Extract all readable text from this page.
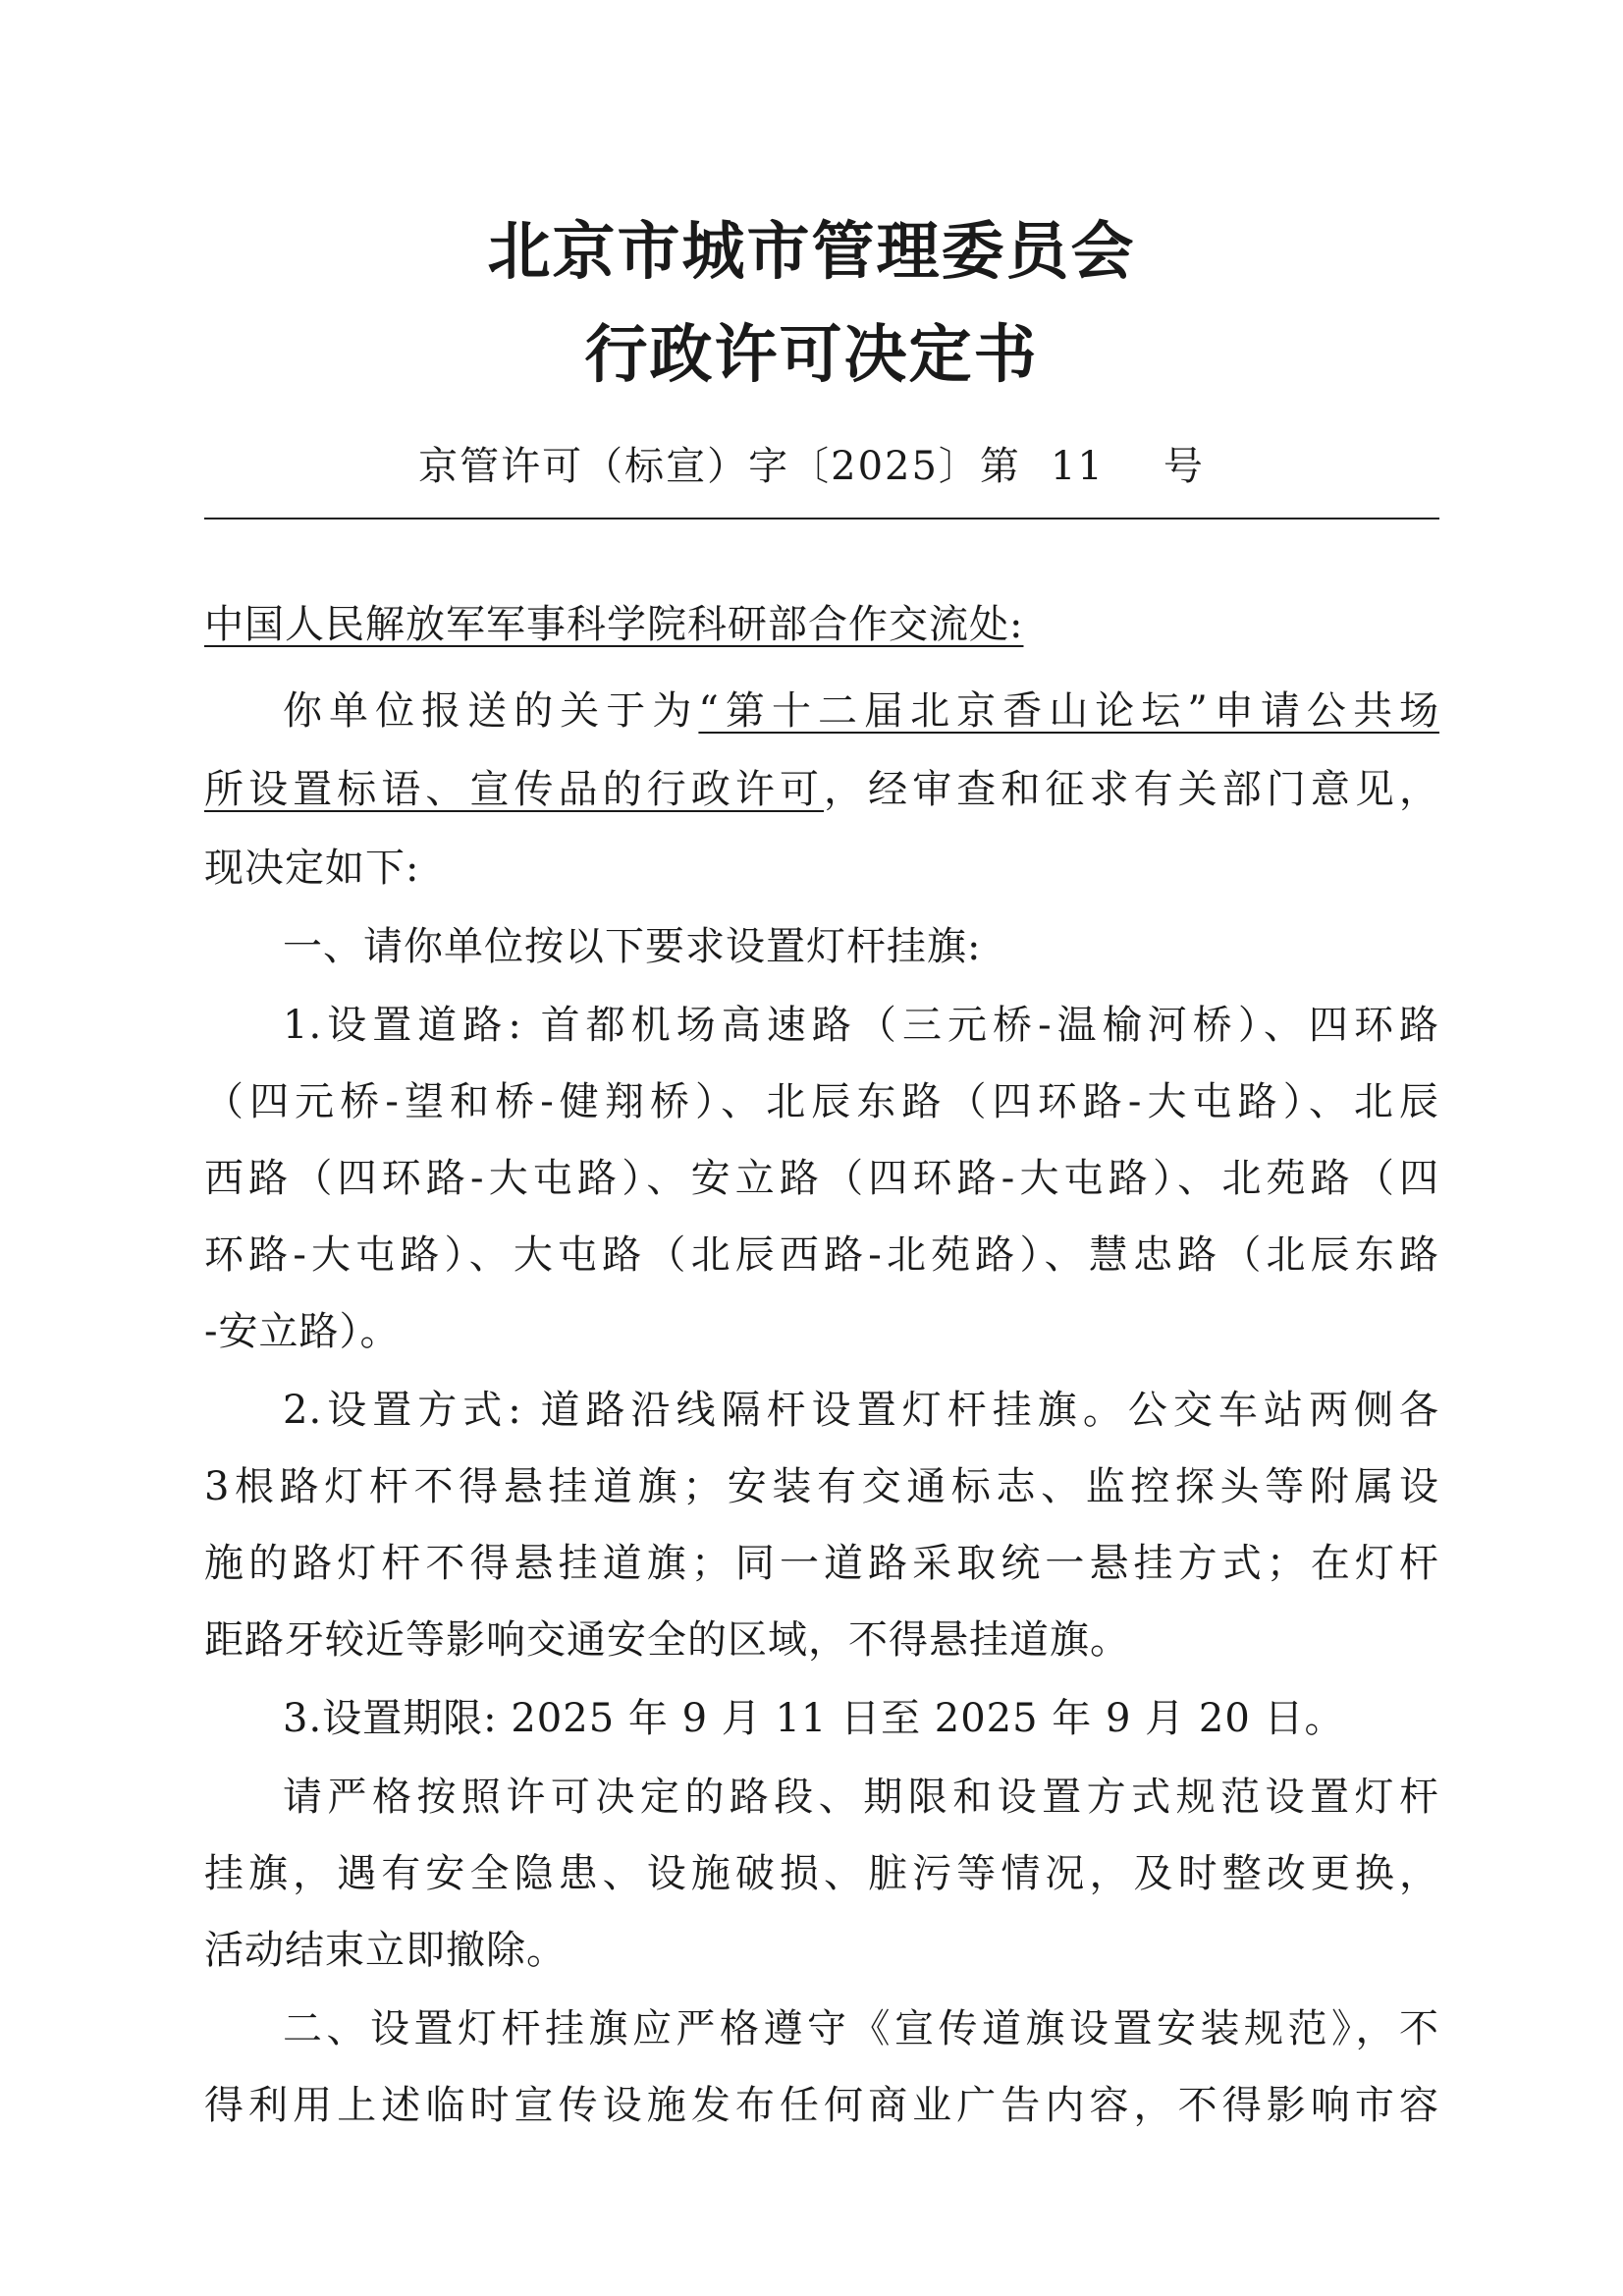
北京市城市管理委员会
行政许可决定书
京管许可（标宣）字〔2025〕第 11 号
中国人民解放军军事科学院科研部合作交流处:
你单位报送的关于为“第十二届北京香山论坛”申请公共场
所设置标语、宣传品的行政许可，经审查和征求有关部门意见，
现决定如下:
一、请你单位按以下要求设置灯杆挂旗:
1.设置道路: 首都机场高速路（三元桥-温榆河桥）、四环路
（四元桥-望和桥-健翔桥）、北辰东路（四环路-大屯路）、北辰
西路（四环路-大屯路）、安立路（四环路-大屯路）、北苑路（四
环路-大屯路）、大屯路（北辰西路-北苑路）、慧忠路（北辰东路
-安立路）。
2.设置方式: 道路沿线隔杆设置灯杆挂旗。公交车站两侧各
3根路灯杆不得悬挂道旗；安装有交通标志、监控探头等附属设
施的路灯杆不得悬挂道旗；同一道路采取统一悬挂方式；在灯杆
距路牙较近等影响交通安全的区域，不得悬挂道旗。
3.设置期限: 2025 年 9 月 11 日至 2025 年 9 月 20 日。
请严格按照许可决定的路段、期限和设置方式规范设置灯杆
挂旗，遇有安全隐患、设施破损、脏污等情况，及时整改更换，
活动结束立即撤除。
二、设置灯杆挂旗应严格遵守《宣传道旗设置安装规范》，不
得利用上述临时宣传设施发布任何商业广告内容，不得影响市容
